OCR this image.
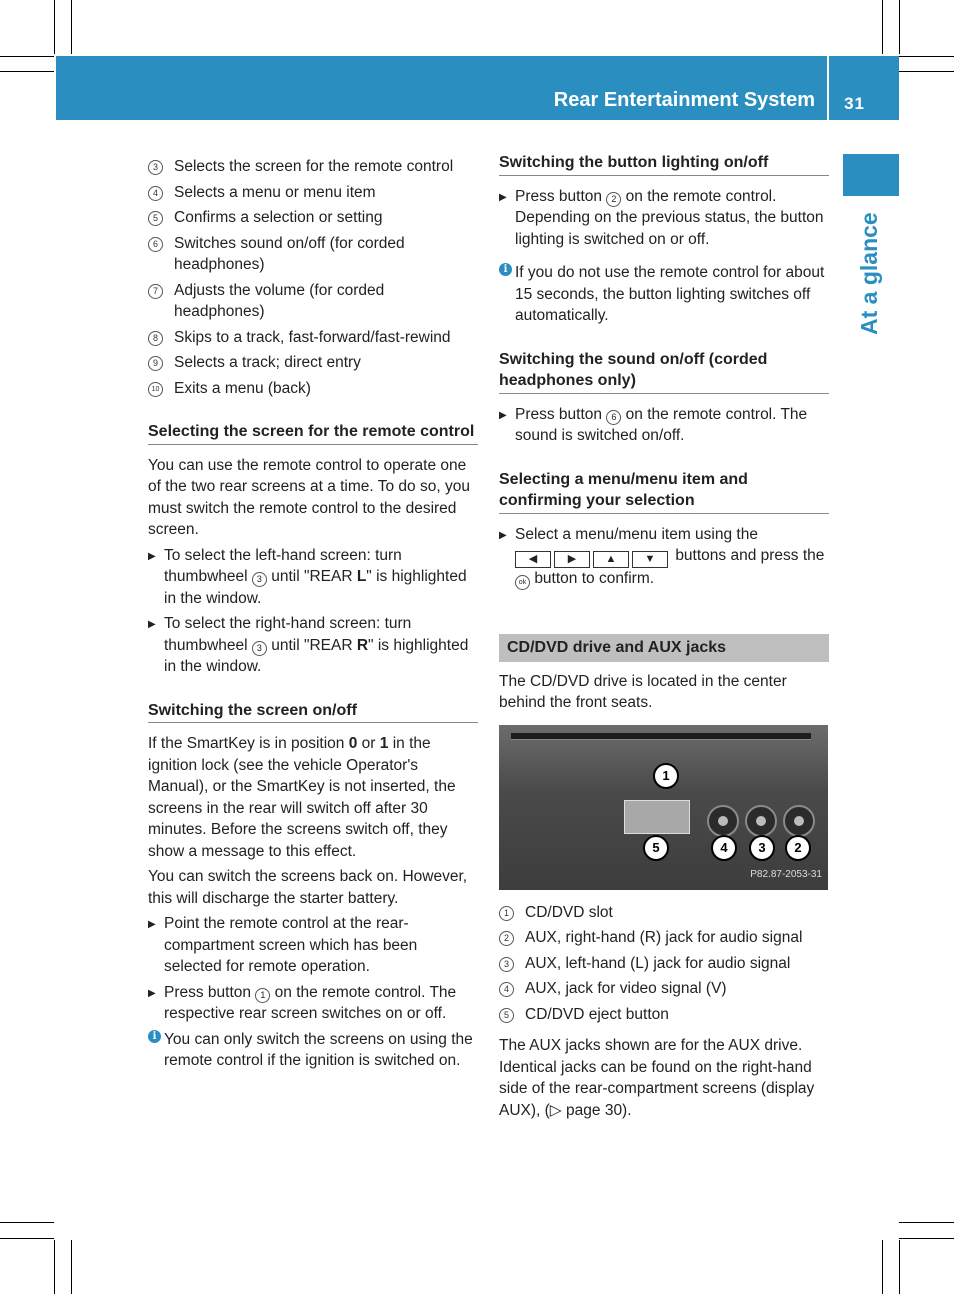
Rear Entertainment System 31
At a glance
3	Selects the screen for the remote control
4	Selects a menu or menu item
5	Confirms a selection or setting
6	Switches sound on/off (for corded headphones)
7	Adjusts the volume (for corded headphones)
8	Skips to a track, fast-forward/fast-rewind
9	Selects a track; direct entry
10 Exits a menu (back)
Selecting the screen for the remote control

You can use the remote control to operate one of the two rear screens at a time. To do so, you must switch the remote control to the desired screen.

▶ To select the left-hand screen: turn thumbwheel 3 until "REAR L" is highlighted in the window.

▶ To select the right-hand screen: turn thumbwheel 3 until "REAR R" is highlighted in the window.

Switching the screen on/off

If the SmartKey is in position 0 or 1 in the ignition lock (see the vehicle Operator's Manual), or the SmartKey is not inserted, the screens in the rear will switch off after 30 minutes. Before the screens switch off, they show a message to this effect.

You can switch the screens back on. However, this will discharge the starter battery.

▶ Point the remote control at the rear-compartment screen which has been selected for remote operation.

▶ Press button 1 on the remote control. The respective rear screen switches on or off.

i You can only switch the screens on using the remote control if the ignition is switched on.

Switching the button lighting on/off

▶ Press button 2 on the remote control. Depending on the previous status, the button lighting is switched on or off.

i If you do not use the remote control for about 15 seconds, the button lighting switches off automatically.

Switching the sound on/off (corded headphones only)

▶ Press button 6 on the remote control. The sound is switched on/off.

Selecting a menu/menu item and confirming your selection

▶ Select a menu/menu item using the
◀	▶	▲	▼ buttons and press the ok button to confirm.

CD/DVD drive and AUX jacks

The CD/DVD drive is located in the center behind the front seats.

1
2
3
4
5
P82.87-2053-31
1	CD/DVD slot
2	AUX, right-hand (R) jack for audio signal
3	AUX, left-hand (L) jack for audio signal
4	AUX, jack for video signal (V)
5	CD/DVD eject button

The AUX jacks shown are for the AUX drive. Identical jacks can be found on the right-hand side of the rear-compartment screens (display AUX), (▷ page 30).
